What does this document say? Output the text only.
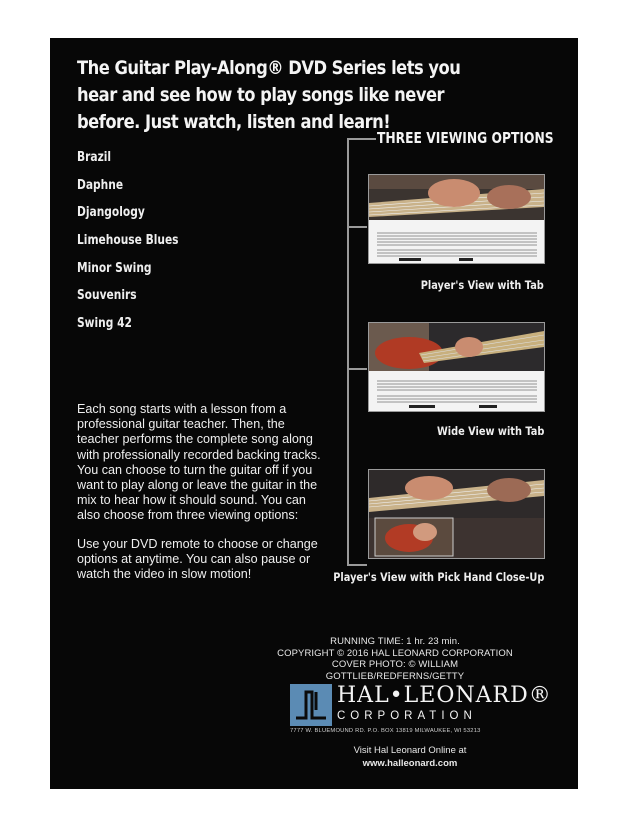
The Guitar Play-Along® DVD Series lets you hear and see how to play songs like never before. Just watch, listen and learn!
Brazil
Daphne
Djangology
Limehouse Blues
Minor Swing
Souvenirs
Swing 42

Each song starts with a lesson from a professional guitar teacher. Then, the teacher performs the complete song along with professionally recorded backing tracks. You can choose to turn the guitar off if you want to play along or leave the guitar in the mix to hear how it should sound. You can also choose from three viewing options:

Use your DVD remote to choose or change options at anytime. You can also pause or watch the video in slow motion!

THREE VIEWING OPTIONS
Player's View with Tab
Wide View with Tab
Player's View with Pick Hand Close-Up
RUNNING TIME: 1 hr. 23 min.
COPYRIGHT © 2016 HAL LEONARD CORPORATION
COVER PHOTO: © WILLIAM GOTTLIEB/REDFERNS/GETTY
HAL•LEONARD®
CORPORATION
7777 W. BLUEMOUND RD. P.O. BOX 13819 MILWAUKEE, WI 53213
Visit Hal Leonard Online at
www.halleonard.com
